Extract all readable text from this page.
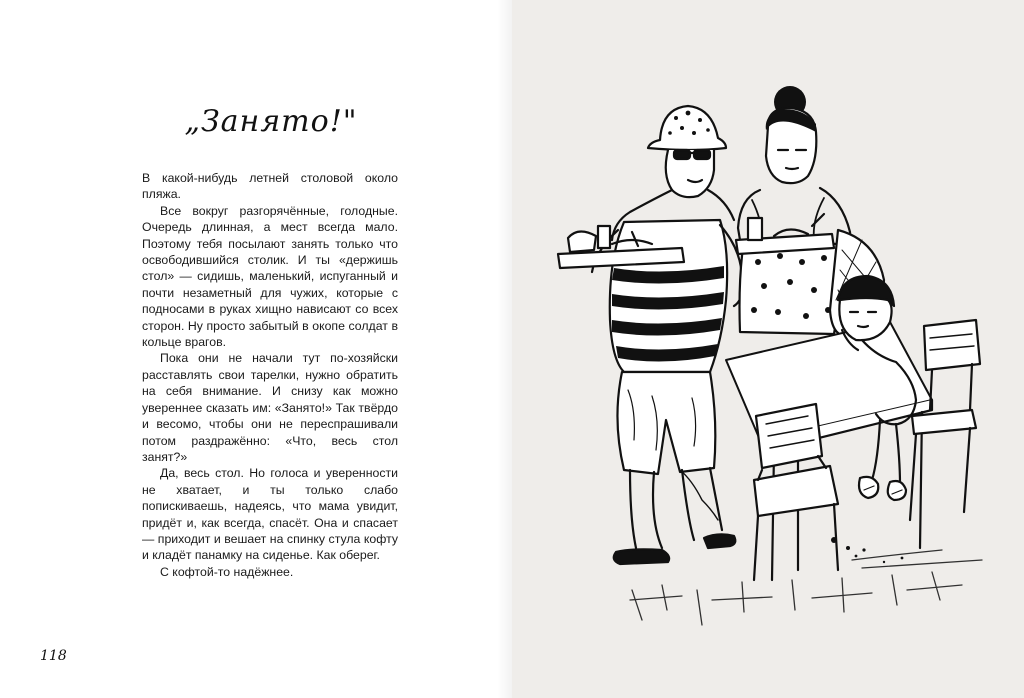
„Занято!"

В какой-нибудь летней столовой около пляжа.

Все вокруг разгорячённые, голодные. Очередь длинная, а мест всегда мало. Поэтому тебя посылают занять только что освободившийся столик. И ты «держишь стол» — сидишь, маленький, испуганный и почти незаметный для чужих, которые с подносами в руках хищно нависают со всех сторон. Ну просто забытый в окопе солдат в кольце врагов.

Пока они не начали тут по-хозяйски расставлять свои тарелки, нужно обратить на себя внимание. И снизу как можно увереннее сказать им: «Занято!» Так твёрдо и весомо, чтобы они не переспрашивали потом раздражённо: «Что, весь стол занят?»

Да, весь стол. Но голоса и уверенности не хватает, и ты только слабо попискиваешь, надеясь, что мама увидит, придёт и, как всегда, спасёт. Она и спасает — приходит и вешает на спинку стула кофту и кладёт панамку на сиденье. Как оберег.

С кофтой-то надёжнее.

118
